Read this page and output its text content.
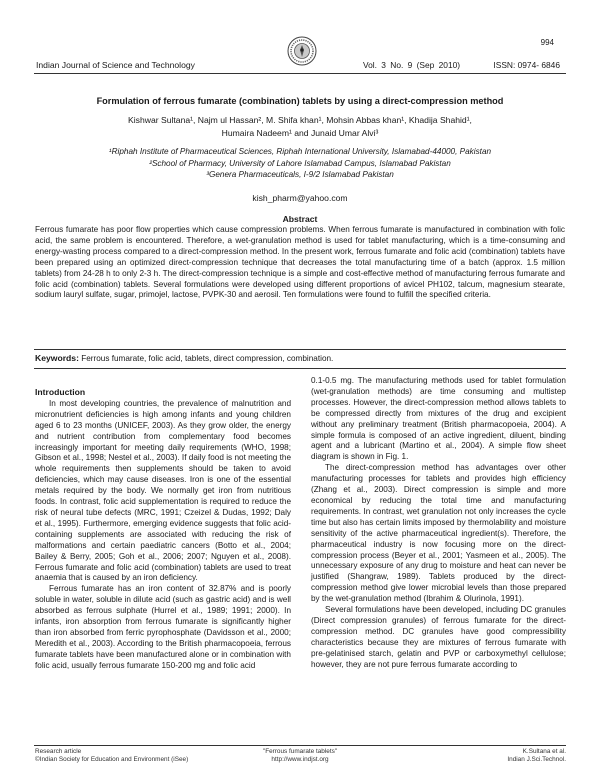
994
Indian Journal of Science and Technology	Vol. 3 No. 9 (Sep 2010)	ISSN: 0974- 6846
Formulation of ferrous fumarate (combination) tablets by using a direct-compression method
Kishwar Sultana¹, Najm ul Hassan², M. Shifa khan¹, Mohsin Abbas khan¹, Khadija Shahid¹,
Humaira Nadeem¹ and Junaid Umar Alvi³
¹Riphah Institute of Pharmaceutical Sciences, Riphah International University, Islamabad-44000, Pakistan
²School of Pharmacy, University of Lahore Islamabad Campus, Islamabad Pakistan
³Genera Pharmaceuticals, I-9/2 Islamabad Pakistan
kish_pharm@yahoo.com
Abstract
Ferrous fumarate has poor flow properties which cause compression problems. When ferrous fumarate is manufactured in combination with folic acid, the same problem is encountered. Therefore, a wet-granulation method is used for tablet manufacturing, which is a time-consuming and energy-wasting process compared to a direct-compression method. In the present work, ferrous fumarate and folic acid (combination) tablets have been prepared using an optimized direct-compression technique that decreases the total manufacturing time of a batch (approx. 1.5 million tablets) from 24-28 h to only 2-3 h. The direct-compression technique is a simple and cost-effective method of manufacturing ferrous fumarate and folic acid (combination) tablets. Several formulations were developed using different proportions of avicel PH102, talcum, magnesium stearate, sodium lauryl sulfate, sugar, primojel, lactose, PVPK-30 and aerosil. Ten formulations were found to fulfill the specified criteria.
Keywords: Ferrous fumarate, folic acid, tablets, direct compression, combination.
Introduction

In most developing countries, the prevalence of malnutrition and micronutrient deficiencies is high among infants and young children aged 6 to 23 months (UNICEF, 2003). As they grow older, the energy and nutrient contribution from complementary food becomes increasingly important for meeting daily requirements (WHO, 1998; Gibson et al., 1998; Nestel et al., 2003). If daily food is not meeting the whole requirements then supplements should be taken to avoid deficiencies, which may cause diseases. Iron is one of the essential metals required by the body. We normally get iron from nutritious foods. In contrast, folic acid supplementation is required to reduce the risk of neural tube defects (MRC, 1991; Czeizel & Dudas, 1992; Daly et al., 1995). Furthermore, emerging evidence suggests that folic acid-containing supplements are associated with reducing the risk of malformations and certain paediatric cancers (Botto et al., 2004; Bailey & Berry, 2005; Goh et al., 2006; 2007; Nguyen et al., 2008). Ferrous fumarate and folic acid (combination) tablets are used to treat anaemia that is caused by an iron deficiency.

Ferrous fumarate has an iron content of 32.87% and is poorly soluble in water, soluble in dilute acid (such as gastric acid) and is well absorbed as ferrous sulphate (Hurrel et al., 1989; 1991; 2000). In infants, iron absorption from ferrous fumarate is significantly higher than iron absorbed from ferric pyrophosphate (Davidsson et al., 2000; Meredith et al., 2003). According to the British pharmacopoeia, ferrous fumarate tablets have been manufactured alone or in combination with folic acid, usually ferrous fumarate 150-200 mg and folic acid

0.1-0.5 mg. The manufacturing methods used for tablet formulation (wet-granulation methods) are time consuming and multistep processes. However, the direct-compression method allows tablets to be compressed directly from mixtures of the drug and excipient without any preliminary treatment (British pharmacopoeia, 2004). A simple formula is composed of an active ingredient, diluent, binding agent and a lubricant (Martino et al., 2004). A simple flow sheet diagram is shown in Fig. 1.

The direct-compression method has advantages over other manufacturing processes for tablets and provides high efficiency (Zhang et al., 2003). Direct compression is simple and more economical by reducing the total time and manufacturing requirements. In contrast, wet granulation not only increases the cycle time but also has certain limits imposed by thermolability and moisture sensitivity of the active pharmaceutical ingredient(s). Therefore, the pharmaceutical industry is now focusing more on the direct-compression process (Beyer et al., 2001; Yasmeen et al., 2005). The unnecessary exposure of any drug to moisture and heat can never be justified (Shangraw, 1989). Tablets produced by the direct-compression method give lower microbial levels than those prepared by the wet-granulation method (Ibrahim & Olurinola, 1991).

Several formulations have been developed, including DC granules (Direct compression granules) of ferrous fumarate for the direct-compression method. DC granules have good compressibility characteristics because they are mixtures of ferrous fumarate with pre-gelatinised starch, gelatin and PVP or carboxymethyl cellulose; however, they are not pure ferrous fumarate according to

Research article
©Indian Society for Education and Environment (iSee)
"Ferrous fumarate tablets"
http://www.indjst.org
K.Sultana et al.
Indian J.Sci.Technol.
